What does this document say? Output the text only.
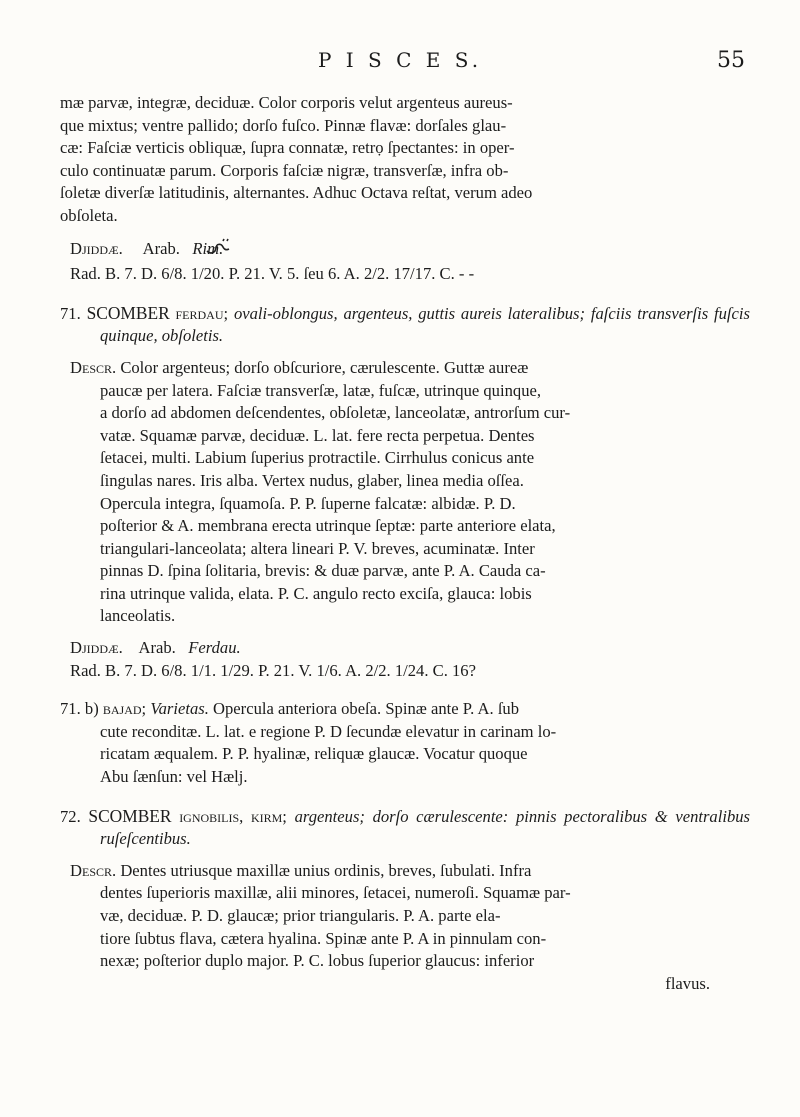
P I S C E S.	55

mæ parvæ, integræ, deciduæ. Color corporis velut argenteus aureus-

que mixtus; ventre pallido; dorſo fuſco. Pinnæ flavæ: dorſales glau-

cæ: Faſciæ verticis obliquæ, ſupra connatæ, retrọ ſpectantes: in oper-

culo continuatæ parum. Corporis faſciæ nigræ, transverſæ, infra ob-

ſoletæ diverſæ latitudinis, alternantes. Adhuc Octava reſtat, verum adeo

obſoleta.

Djiddæ. Arab. Rim.

Rad. B. 7. D. 6/8. 1/20. P. 21. V. 5. ſeu 6. A. 2/2. 17/17. C. - -

71. SCOMBER ferdau; ovali-oblongus, argenteus, guttis aureis lateralibus; faſciis transverſis fuſcis quinque, obſoletis.

Descr. Color argenteus; dorſo obſcuriore, cærulescente. Guttæ aureæ

paucæ per latera. Faſciæ transverſæ, latæ, fuſcæ, utrinque quinque,

a dorſo ad abdomen deſcendentes, obſoletæ, lanceolatæ, antrorſum cur-

vatæ. Squamæ parvæ, deciduæ. L. lat. fere recta perpetua. Dentes

ſetacei, multi. Labium ſuperius protractile. Cirrhulus conicus ante

ſingulas nares. Iris alba. Vertex nudus, glaber, linea media oſſea.

Opercula integra, ſquamoſa. P. P. ſuperne falcatæ: albidæ. P. D.

poſterior & A. membrana erecta utrinque ſeptæ: parte anteriore elata,

triangulari-lanceolata; altera lineari P. V. breves, acuminatæ. Inter

pinnas D. ſpina ſolitaria, brevis: & duæ parvæ, ante P. A. Cauda ca-

rina utrinque valida, elata. P. C. angulo recto exciſa, glauca: lobis

lanceolatis.

Djiddæ. Arab. Ferdau.

Rad. B. 7. D. 6/8. 1/1. 1/29. P. 21. V. 1/6. A. 2/2. 1/24. C. 16?

71. b) bajad; Varietas. Opercula anteriora obeſa. Spinæ ante P. A. ſub

cute reconditæ. L. lat. e regione P. D ſecundæ elevatur in carinam lo-

ricatam æqualem. P. P. hyalinæ, reliquæ glaucæ. Vocatur quoque

Abu ſænſun: vel Hælj.

72. SCOMBER ignobilis, kirm; argenteus; dorſo cærulescente: pinnis pectoralibus & ventralibus ruſeſcentibus.

Descr. Dentes utriusque maxillæ unius ordinis, breves, ſubulati. Infra

dentes ſuperioris maxillæ, alii minores, ſetacei, numeroſi. Squamæ par-

væ, deciduæ. P. D. glaucæ; prior triangularis. P. A. parte ela-

tiore ſubtus flava, cætera hyalina. Spinæ ante P. A in pinnulam con-

nexæ; poſterior duplo major. P. C. lobus ſuperior glaucus: inferior

flavus.
